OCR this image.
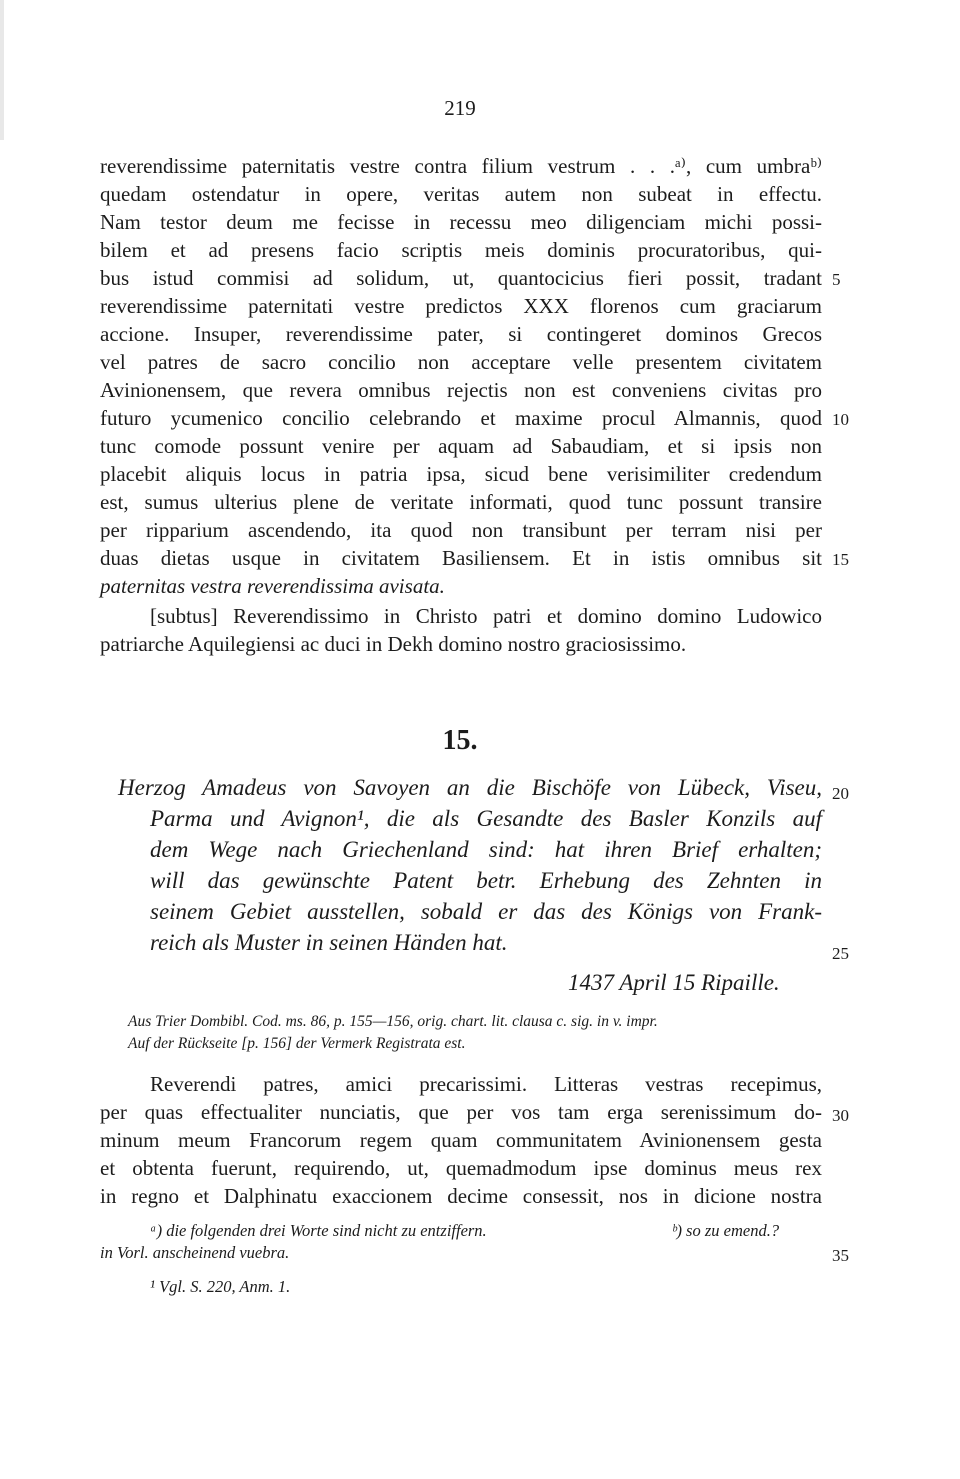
219
reverendissime paternitatis vestre contra filium vestrum . . .ᵃ⁾, cum umbraᵇ⁾
quedam ostendatur in opere, veritas autem non subeat in effectu.
Nam testor deum me fecisse in recessu meo diligenciam michi possi-
bilem et ad presens facio scriptis meis dominis procuratoribus, qui-
bus istud commisi ad solidum, ut, quantocicius fieri possit, tradant
reverendissime paternitati vestre predictos XXX florenos cum graciarum
accione. Insuper, reverendissime pater, si contingeret dominos Grecos
vel patres de sacro concilio non acceptare velle presentem civitatem
Avinionensem, que revera omnibus rejectis non est conveniens civitas pro
futuro ycumenico concilio celebrando et maxime procul Almannis, quod
tunc comode possunt venire per aquam ad Sabaudiam, et si ipsis non
placebit aliquis locus in patria ipsa, sicud bene verisimiliter credendum
est, sumus ulterius plene de veritate informati, quod tunc possunt transire
per ripparium ascendendo, ita quod non transibunt per terram nisi per
duas dietas usque in civitatem Basiliensem. Et in istis omnibus sit
paternitas vestra reverendissima avisata.
[subtus] Reverendissimo in Christo patri et domino domino Ludowico
patriarche Aquilegiensi ac duci in Dekh domino nostro graciosissimo.
5
10
15
20
25
30
35
15.
Herzog Amadeus von Savoyen an die Bischöfe von Lübeck, Viseu,
Parma und Avignon¹, die als Gesandte des Basler Konzils auf
dem Wege nach Griechenland sind: hat ihren Brief erhalten;
will das gewünschte Patent betr. Erhebung des Zehnten in
seinem Gebiet ausstellen, sobald er das des Königs von Frank-
reich als Muster in seinen Händen hat.
1437 April 15 Ripaille.
Aus Trier Dombibl. Cod. ms. 86, p. 155—156, orig. chart. lit. clausa c. sig. in v. impr.
Auf der Rückseite [p. 156] der Vermerk Registrata est.
Reverendi patres, amici precarissimi. Litteras vestras recepimus,
per quas effectualiter nunciatis, que per vos tam erga serenissimum do-
minum meum Francorum regem quam communitatem Avinionensem gesta
et obtenta fuerunt, requirendo, ut, quemadmodum ipse dominus meus rex
in regno et Dalphinatu exaccionem decime consessit, nos in dicione nostra
ᵃ) die folgenden drei Worte sind nicht zu entziffern.	ᵇ) so zu emend.?
in Vorl. anscheinend vuebra.
¹ Vgl. S. 220, Anm. 1.
